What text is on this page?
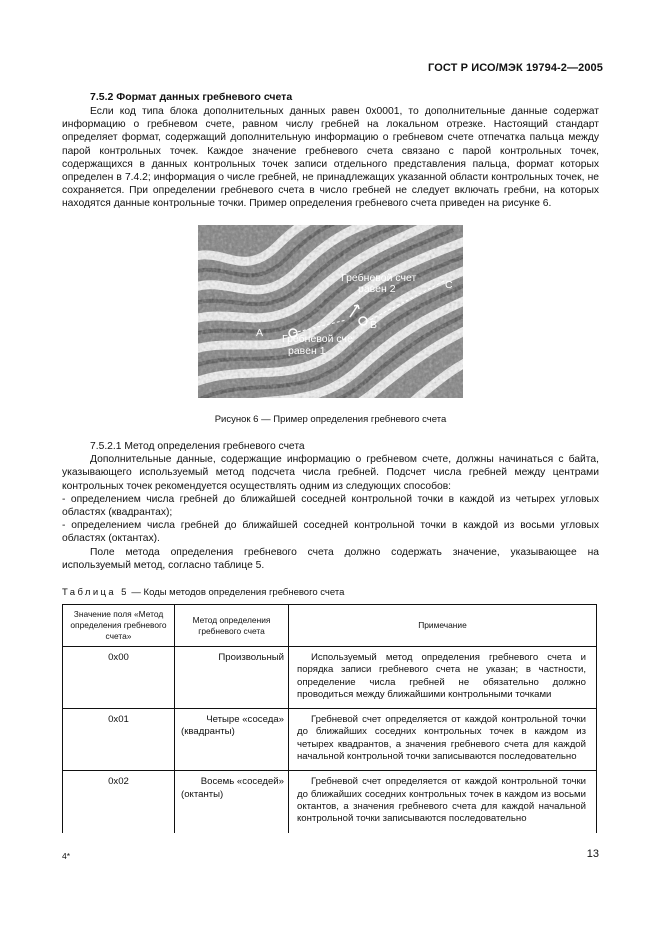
ГОСТ Р ИСО/МЭК 19794-2—2005
7.5.2 Формат данных гребневого счета

Если код типа блока дополнительных данных равен 0x0001, то дополнительные данные содержат информацию о гребневом счете, равном числу гребней на локальном отрезке. Настоящий стандарт определяет формат, содержащий дополнительную информацию о гребневом счете отпечатка пальца между парой контрольных точек. Каждое значение гребневого счета связано с парой контрольных точек, содержащихся в данных контрольных точек записи отдельного представления пальца, формат которых определен в 7.4.2; информация о числе гребней, не принадлежащих указанной области контрольных точек, не сохраняется. При определении гребневого счета в число гребней не следует включать гребни, на которых находятся данные контрольные точки. Пример определения гребневого счета приведен на рисунке 6.

A
B
C
Гребневой сче
равен 1
Гребневой счет
равен 2
Рисунок 6 — Пример определения гребневого счета

7.5.2.1 Метод определения гребневого счета

Дополнительные данные, содержащие информацию о гребневом счете, должны начинаться с байта, указывающего используемый метод подсчета числа гребней. Подсчет числа гребней между центрами контрольных точек рекомендуется осуществлять одним из следующих способов:

- определением числа гребней до ближайшей соседней контрольной точки в каждой из четырех угловых областях (квадрантах);

- определением числа гребней до ближайшей соседней контрольной точки в каждой из восьми угловых областях (октантах).

Поле метода определения гребневого счета должно содержать значение, указывающее на используемый метод, согласно таблице 5.

Таблица 5 — Коды методов определения гребневого счета
Значение поля «Метод определения гребневого счета»	Метод определения гребневого счета	Примечание
0x00	Произвольный	Используемый метод определения гребневого счета и порядка записи гребневого счета не указан; в частности, определение числа гребней не обязательно должно проводиться между ближайшими контрольными точками

0x01	Четыре «соседа»
(квадранты)	Гребневой счет определяется от каждой контрольной точки до ближайших соседних контрольных точек в каждом из четырех квадрантов, а значения гребневого счета для каждой начальной контрольной точки записываются последовательно

0x02	Восемь «соседей»
(октанты)	Гребневой счет определяется от каждой контрольной точки до ближайших соседних контрольных точек в каждом из восьми октантов, а значения гребневого счета для каждой начальной контрольной точки записываются последовательно
4*	13
